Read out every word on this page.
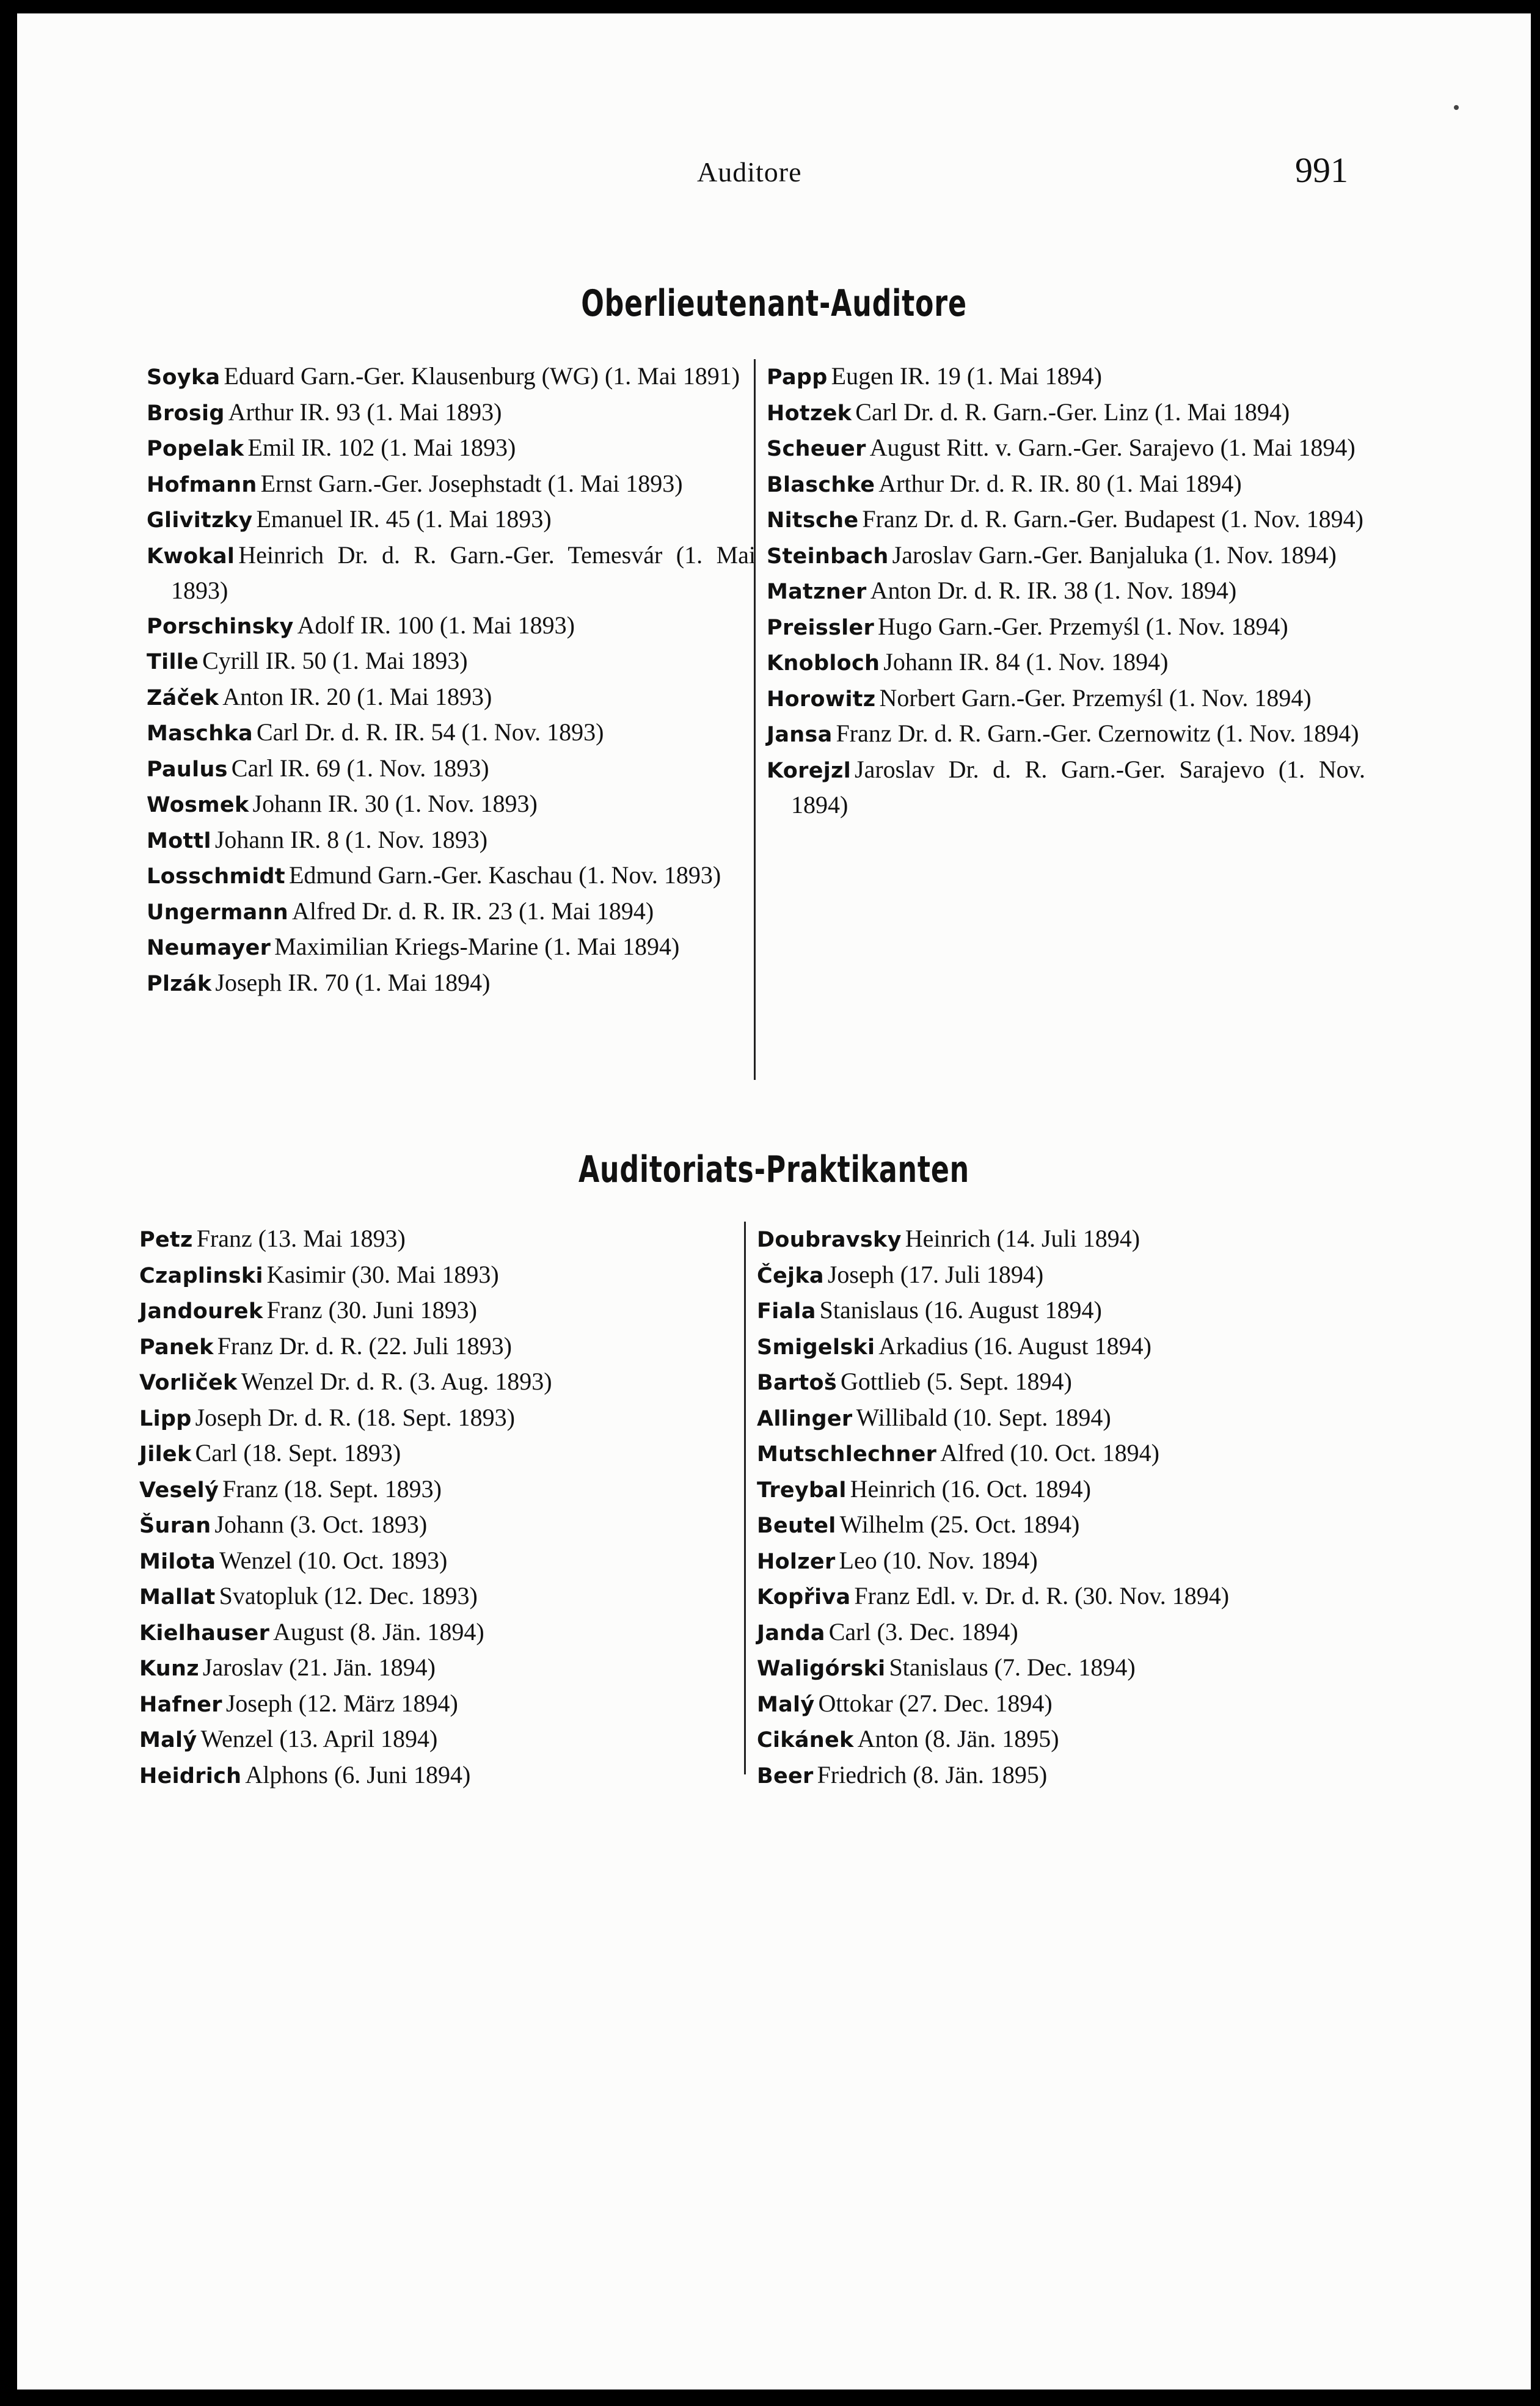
Auditore	991
Oberlieutenant-Auditore
Soyka Eduard Garn.-Ger. Klausenburg (WG) (1. Mai 1891)
Brosig Arthur IR. 93 (1. Mai 1893)
Popelak Emil IR. 102 (1. Mai 1893)
Hofmann Ernst Garn.-Ger. Josephstadt (1. Mai 1893)
Glivitzky Emanuel IR. 45 (1. Mai 1893)
Kwokal Heinrich Dr. d. R. Garn.-Ger. Temesvár (1. Mai 1893)
Porschinsky Adolf IR. 100 (1. Mai 1893)
Tille Cyrill IR. 50 (1. Mai 1893)
Záček Anton IR. 20 (1. Mai 1893)
Maschka Carl Dr. d. R. IR. 54 (1. Nov. 1893)
Paulus Carl IR. 69 (1. Nov. 1893)
Wosmek Johann IR. 30 (1. Nov. 1893)
Mottl Johann IR. 8 (1. Nov. 1893)
Losschmidt Edmund Garn.-Ger. Kaschau (1. Nov. 1893)
Ungermann Alfred Dr. d. R. IR. 23 (1. Mai 1894)
Neumayer Maximilian Kriegs-Marine (1. Mai 1894)
Plzák Joseph IR. 70 (1. Mai 1894)
Papp Eugen IR. 19 (1. Mai 1894)
Hotzek Carl Dr. d. R. Garn.-Ger. Linz (1. Mai 1894)
Scheuer August Ritt. v. Garn.-Ger. Sarajevo (1. Mai 1894)
Blaschke Arthur Dr. d. R. IR. 80 (1. Mai 1894)
Nitsche Franz Dr. d. R. Garn.-Ger. Budapest (1. Nov. 1894)
Steinbach Jaroslav Garn.-Ger. Banjaluka (1. Nov. 1894)
Matzner Anton Dr. d. R. IR. 38 (1. Nov. 1894)
Preissler Hugo Garn.-Ger. Przemyśl (1. Nov. 1894)
Knobloch Johann IR. 84 (1. Nov. 1894)
Horowitz Norbert Garn.-Ger. Przemyśl (1. Nov. 1894)
Jansa Franz Dr. d. R. Garn.-Ger. Czernowitz (1. Nov. 1894)
Korejzl Jaroslav Dr. d. R. Garn.-Ger. Sarajevo (1. Nov. 1894)
Auditoriats-Praktikanten
Petz Franz (13. Mai 1893)
Czaplinski Kasimir (30. Mai 1893)
Jandourek Franz (30. Juni 1893)
Panek Franz Dr. d. R. (22. Juli 1893)
Vorliček Wenzel Dr. d. R. (3. Aug. 1893)
Lipp Joseph Dr. d. R. (18. Sept. 1893)
Jilek Carl (18. Sept. 1893)
Veselý Franz (18. Sept. 1893)
Šuran Johann (3. Oct. 1893)
Milota Wenzel (10. Oct. 1893)
Mallat Svatopluk (12. Dec. 1893)
Kielhauser August (8. Jän. 1894)
Kunz Jaroslav (21. Jän. 1894)
Hafner Joseph (12. März 1894)
Malý Wenzel (13. April 1894)
Heidrich Alphons (6. Juni 1894)
Doubravsky Heinrich (14. Juli 1894)
Čejka Joseph (17. Juli 1894)
Fiala Stanislaus (16. August 1894)
Smigelski Arkadius (16. August 1894)
Bartoš Gottlieb (5. Sept. 1894)
Allinger Willibald (10. Sept. 1894)
Mutschlechner Alfred (10. Oct. 1894)
Treybal Heinrich (16. Oct. 1894)
Beutel Wilhelm (25. Oct. 1894)
Holzer Leo (10. Nov. 1894)
Kopřiva Franz Edl. v. Dr. d. R. (30. Nov. 1894)
Janda Carl (3. Dec. 1894)
Waligórski Stanislaus (7. Dec. 1894)
Malý Ottokar (27. Dec. 1894)
Cikánek Anton (8. Jän. 1895)
Beer Friedrich (8. Jän. 1895)
